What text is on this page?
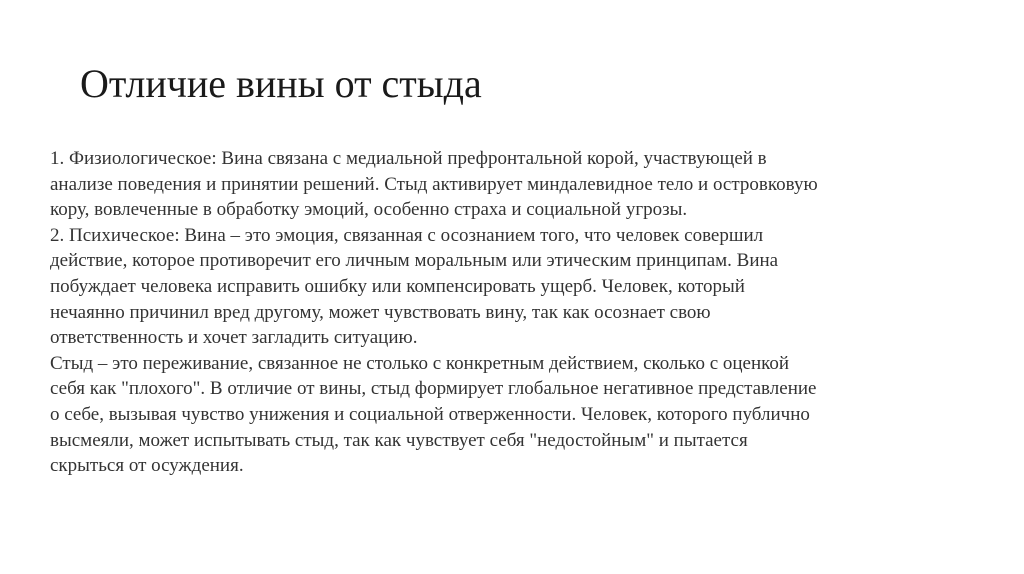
Отличие вины от стыда
1. Физиологическое: Вина связана с медиальной префронтальной корой, участвующей в
анализе поведения и принятии решений. Стыд активирует миндалевидное тело и островковую
кору, вовлеченные в обработку эмоций, особенно страха и социальной угрозы.
2. Психическое: Вина – это эмоция, связанная с осознанием того, что человек совершил
действие, которое противоречит его личным моральным или этическим принципам. Вина
побуждает человека исправить ошибку или компенсировать ущерб. Человек, который
нечаянно причинил вред другому, может чувствовать вину, так как осознает свою
ответственность и хочет загладить ситуацию.
Стыд – это переживание, связанное не столько с конкретным действием, сколько с оценкой
себя как "плохого". В отличие от вины, стыд формирует глобальное негативное представление
о себе, вызывая чувство унижения и социальной отверженности. Человек, которого публично
высмеяли, может испытывать стыд, так как чувствует себя "недостойным" и пытается
скрыться от осуждения.
